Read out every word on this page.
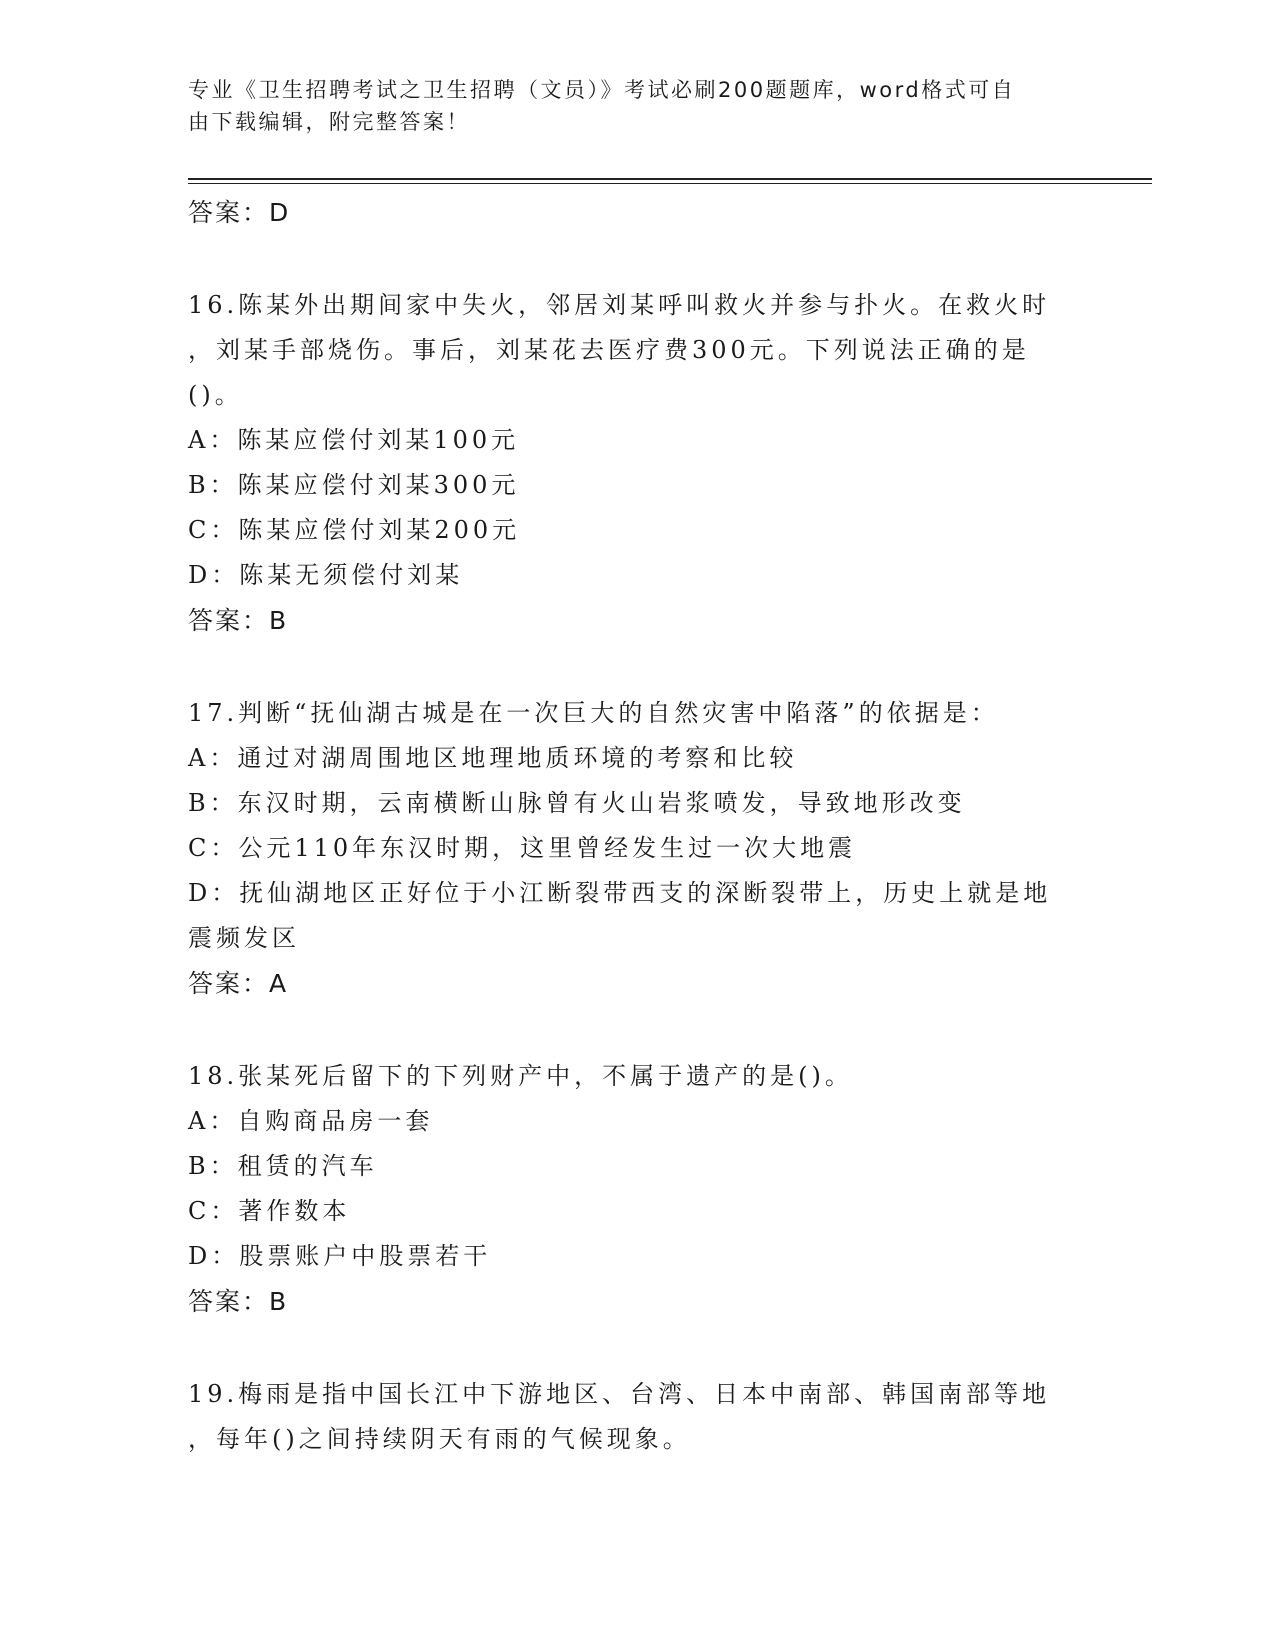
专业《卫生招聘考试之卫生招聘（文员）》考试必刷200题题库，word格式可自
由下载编辑，附完整答案！
答案：D
16.陈某外出期间家中失火，邻居刘某呼叫救火并参与扑火。在救火时
，刘某手部烧伤。事后，刘某花去医疗费300元。下列说法正确的是
()。
A：陈某应偿付刘某100元
B：陈某应偿付刘某300元
C：陈某应偿付刘某200元
D：陈某无须偿付刘某
答案：B
17.判断“抚仙湖古城是在一次巨大的自然灾害中陷落”的依据是：
A：通过对湖周围地区地理地质环境的考察和比较
B：东汉时期，云南横断山脉曾有火山岩浆喷发，导致地形改变
C：公元110年东汉时期，这里曾经发生过一次大地震
D：抚仙湖地区正好位于小江断裂带西支的深断裂带上，历史上就是地
震频发区
答案：A
18.张某死后留下的下列财产中，不属于遗产的是()。
A：自购商品房一套
B：租赁的汽车
C：著作数本
D：股票账户中股票若干
答案：B
19.梅雨是指中国长江中下游地区、台湾、日本中南部、韩国南部等地
，每年()之间持续阴天有雨的气候现象。
